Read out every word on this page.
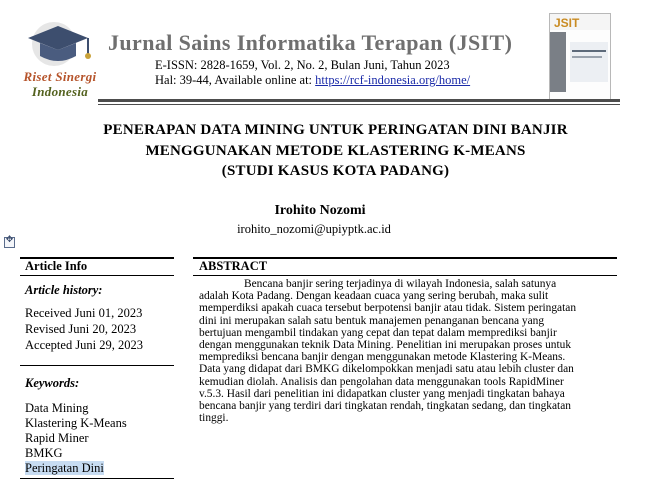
Riset Sinergi
Indonesia
Jurnal Sains Informatika Terapan (JSIT)
E-ISSN: 2828-1659, Vol. 2, No. 2, Bulan Juni, Tahun 2023
Hal: 39-44, Available online at: https://rcf-indonesia.org/home/
JSIT
PENERAPAN DATA MINING UNTUK PERINGATAN DINI BANJIR
MENGGUNAKAN METODE KLASTERING K-MEANS
(STUDI KASUS KOTA PADANG)
Irohito Nozomi
irohito_nozomi@upiyptk.ac.id
✥
Article Info
Article history:
Received Juni 01, 2023
Revised Juni 20, 2023
Accepted Juni 29, 2023
Keywords:
Data Mining
Klastering K-Means
Rapid Miner
BMKG
Peringatan Dini
ABSTRACT
Bencana banjir sering terjadinya di wilayah Indonesia, salah satunya
adalah Kota Padang. Dengan keadaan cuaca yang sering berubah, maka sulit
memperdiksi apakah cuaca tersebut berpotensi banjir atau tidak. Sistem peringatan
dini ini merupakan salah satu bentuk manajemen penanganan bencana yang
bertujuan mengambil tindakan yang cepat dan tepat dalam memprediksi banjir
dengan menggunakan teknik Data Mining. Penelitian ini merupakan proses untuk
memprediksi bencana banjir dengan menggunakan metode Klastering K-Means.
Data yang didapat dari BMKG dikelompokkan menjadi satu atau lebih cluster dan
kemudian diolah. Analisis dan pengolahan data menggunakan tools RapidMiner
v.5.3. Hasil dari penelitian ini didapatkan cluster yang menjadi tingkatan bahaya
bencana banjir yang terdiri dari tingkatan rendah, tingkatan sedang, dan tingkatan
tinggi.
